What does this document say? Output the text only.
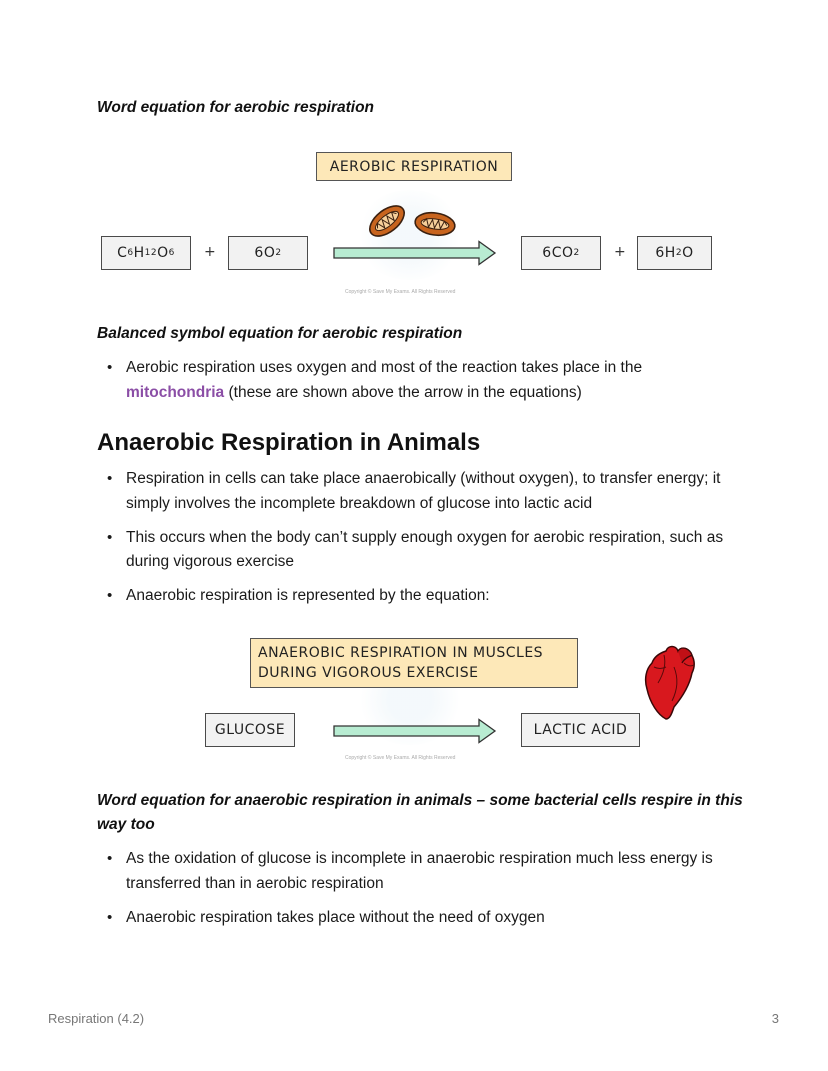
Word equation for aerobic respiration
AEROBIC RESPIRATION
C 6 H 12 O 6 +	6O 2	6CO 2 + 6H 2 O
Copyright © Save My Exams. All Rights Reserved
Balanced symbol equation for aerobic respiration
• Aerobic respiration uses oxygen and most of the reaction takes place in the mitochondria (these are shown above the arrow in the equations)
Anaerobic Respiration in Animals
• Respiration in cells can take place anaerobically (without oxygen), to transfer energy; it simply involves the incomplete breakdown of glucose into lactic acid
• This occurs when the body can’t supply enough oxygen for aerobic respiration, such as during vigorous exercise
• Anaerobic respiration is represented by the equation:
ANAEROBIC RESPIRATION IN MUSCLES
DURING VIGOROUS EXERCISE
GLUCOSE	LACTIC ACID
Copyright © Save My Exams. All Rights Reserved
Word equation for anaerobic respiration in animals – some bacterial cells respire in this way too
• As the oxidation of glucose is incomplete in anaerobic respiration much less energy is transferred than in aerobic respiration
• Anaerobic respiration takes place without the need of oxygen
Respiration (4.2)	3
